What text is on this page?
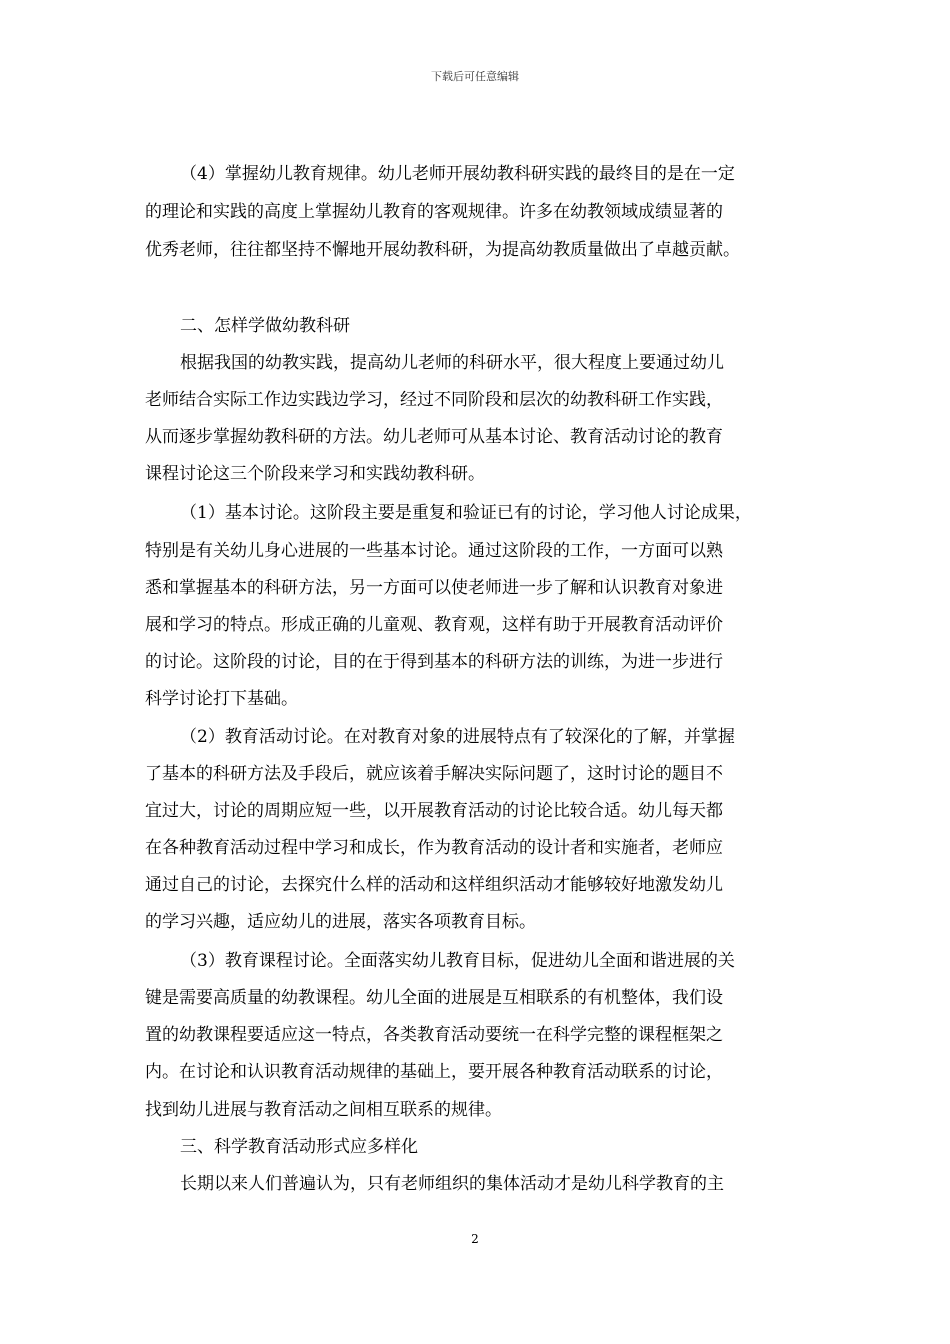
下载后可任意编辑
（4）掌握幼儿教育规律。幼儿老师开展幼教科研实践的最终目的是在一定
的理论和实践的高度上掌握幼儿教育的客观规律。许多在幼教领域成绩显著的
优秀老师，往往都坚持不懈地开展幼教科研，为提高幼教质量做出了卓越贡献。
二、怎样学做幼教科研
根据我国的幼教实践，提高幼儿老师的科研水平，很大程度上要通过幼儿
老师结合实际工作边实践边学习，经过不同阶段和层次的幼教科研工作实践，
从而逐步掌握幼教科研的方法。幼儿老师可从基本讨论、教育活动讨论的教育
课程讨论这三个阶段来学习和实践幼教科研。
（1）基本讨论。这阶段主要是重复和验证已有的讨论，学习他人讨论成果，
特别是有关幼儿身心进展的一些基本讨论。通过这阶段的工作，一方面可以熟
悉和掌握基本的科研方法，另一方面可以使老师进一步了解和认识教育对象进
展和学习的特点。形成正确的儿童观、教育观，这样有助于开展教育活动评价
的讨论。这阶段的讨论，目的在于得到基本的科研方法的训练，为进一步进行
科学讨论打下基础。
（2）教育活动讨论。在对教育对象的进展特点有了较深化的了解，并掌握
了基本的科研方法及手段后，就应该着手解决实际问题了，这时讨论的题目不
宜过大，讨论的周期应短一些，以开展教育活动的讨论比较合适。幼儿每天都
在各种教育活动过程中学习和成长，作为教育活动的设计者和实施者，老师应
通过自己的讨论，去探究什么样的活动和这样组织活动才能够较好地激发幼儿
的学习兴趣，适应幼儿的进展，落实各项教育目标。
（3）教育课程讨论。全面落实幼儿教育目标，促进幼儿全面和谐进展的关
键是需要高质量的幼教课程。幼儿全面的进展是互相联系的有机整体，我们设
置的幼教课程要适应这一特点，各类教育活动要统一在科学完整的课程框架之
内。在讨论和认识教育活动规律的基础上，要开展各种教育活动联系的讨论，
找到幼儿进展与教育活动之间相互联系的规律。
三、科学教育活动形式应多样化
长期以来人们普遍认为，只有老师组织的集体活动才是幼儿科学教育的主
2
